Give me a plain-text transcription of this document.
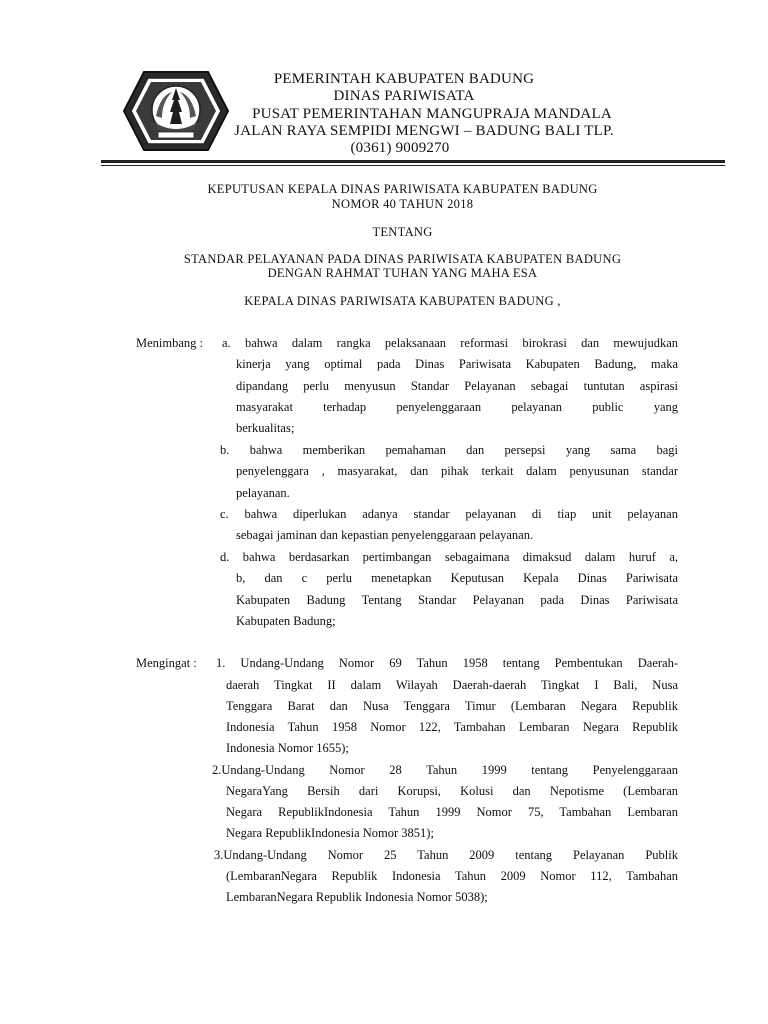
PEMERINTAH KABUPATEN BADUNG
DINAS PARIWISATA
PUSAT PEMERINTAHAN MANGUPRAJA MANDALA
JALAN RAYA SEMPIDI MENGWI – BADUNG BALI TLP.
(0361) 9009270
KEPUTUSAN KEPALA DINAS PARIWISATA KABUPATEN BADUNG
NOMOR 40 TAHUN 2018
TENTANG
STANDAR PELAYANAN PADA DINAS PARIWISATA KABUPATEN BADUNG
DENGAN RAHMAT TUHAN YANG MAHA ESA
KEPALA DINAS PARIWISATA KABUPATEN BADUNG ,
Menimbang : a. bahwa dalam rangka pelaksanaan reformasi birokrasi dan mewujudkan
kinerja yang optimal pada Dinas Pariwisata Kabupaten Badung, maka
dipandang perlu menyusun Standar Pelayanan sebagai tuntutan aspirasi
masyarakat terhadap penyelenggaraan pelayanan public yang
berkualitas;
b. bahwa memberikan pemahaman dan persepsi yang sama bagi
penyelenggara , masyarakat, dan pihak terkait dalam penyusunan standar
pelayanan.
c. bahwa diperlukan adanya standar pelayanan di tiap unit pelayanan
sebagai jaminan dan kepastian penyelenggaraan pelayanan.
d. bahwa berdasarkan pertimbangan sebagaimana dimaksud dalam huruf a,
b, dan c perlu menetapkan Keputusan Kepala Dinas Pariwisata
Kabupaten Badung Tentang Standar Pelayanan pada Dinas Pariwisata
Kabupaten Badung;
Mengingat : 1. Undang-Undang Nomor 69 Tahun 1958 tentang Pembentukan Daerah-
daerah Tingkat II dalam Wilayah Daerah-daerah Tingkat I Bali, Nusa
Tenggara Barat dan Nusa Tenggara Timur (Lembaran Negara Republik
Indonesia Tahun 1958 Nomor 122, Tambahan Lembaran Negara Republik
Indonesia Nomor 1655);
2.Undang-Undang Nomor 28 Tahun 1999 tentang Penyelenggaraan
NegaraYang Bersih dari Korupsi, Kolusi dan Nepotisme (Lembaran
Negara RepublikIndonesia Tahun 1999 Nomor 75, Tambahan Lembaran
Negara RepublikIndonesia Nomor 3851);
3.Undang-Undang Nomor 25 Tahun 2009 tentang Pelayanan Publik
(LembaranNegara Republik Indonesia Tahun 2009 Nomor 112, Tambahan
LembaranNegara Republik Indonesia Nomor 5038);
